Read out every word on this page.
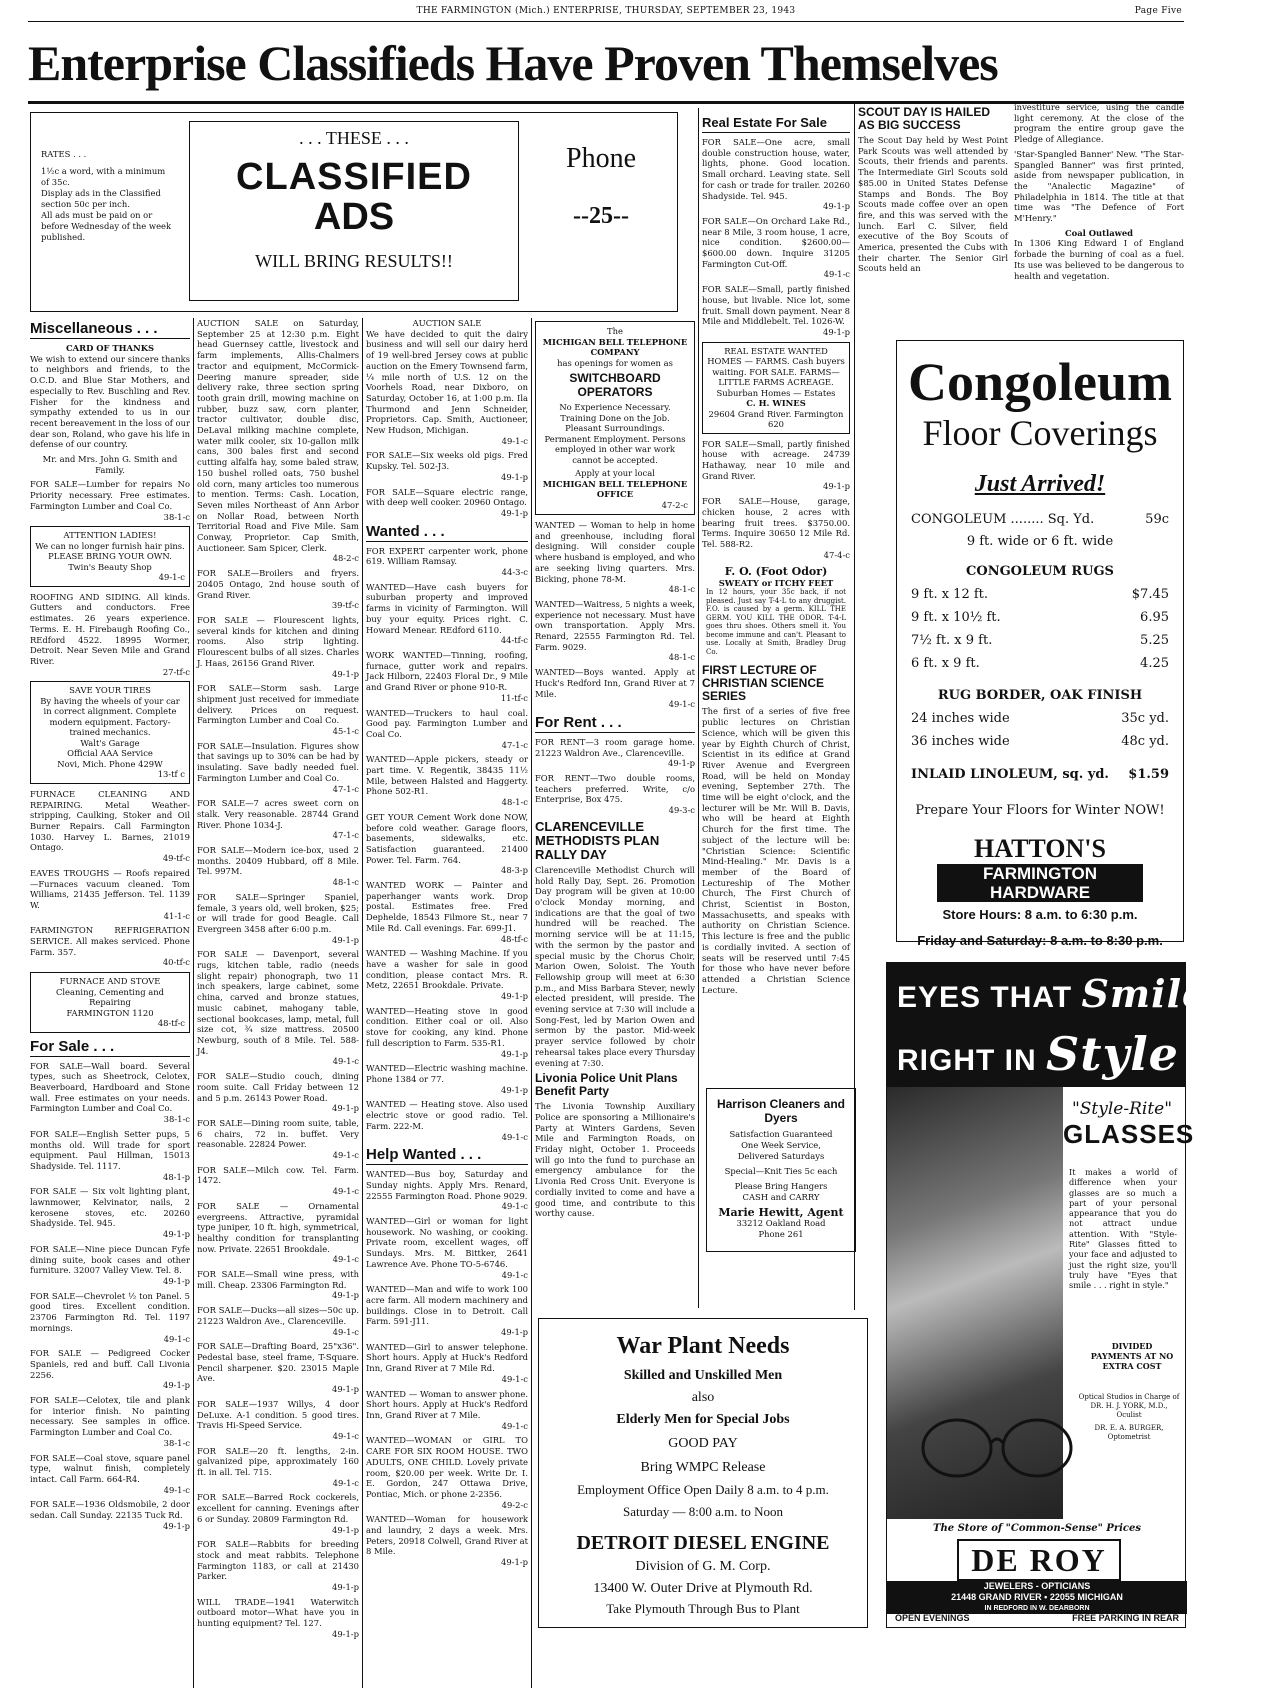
THE FARMINGTON (Mich.) ENTERPRISE, THURSDAY, SEPTEMBER 23, 1943	Page Five
Enterprise Classifieds Have Proven Themselves
RATES . . .
1½c a word, with a minimum of 35c.
Display ads in the Classified section 50c per inch.
All ads must be paid on or before Wednesday of the week published.
. . . THESE . . .
CLASSIFIED
ADS
WILL BRING RESULTS!!
Phone
--25--
Miscellaneous . . .
CARD OF THANKS

We wish to extend our sincere thanks to neighbors and friends, to the O.C.D. and Blue Star Mothers, and especially to Rev. Buschling and Rev. Fisher for the kindness and sympathy extended to us in our recent bereavement in the loss of our dear son, Roland, who gave his life in defense of our country.

Mr. and Mrs. John G. Smith and Family.

FOR SALE—Lumber for repairs No Priority necessary. Free estimates. Farmington Lumber and Coal Co.
38-1-c

ATTENTION LADIES!
We can no longer furnish hair pins. PLEASE BRING YOUR OWN.
Twin's Beauty Shop
49-1-c

ROOFING AND SIDING. All kinds. Gutters and conductors. Free estimates. 26 years experience. Terms. E. H. Firebaugh Roofing Co., REdford 4522. 18995 Wormer, Detroit. Near Seven Mile and Grand River.
27-tf-c

SAVE YOUR TIRES
By having the wheels of your car in correct alignment. Complete modern equipment. Factory-trained mechanics.
Walt's Garage
Official AAA Service
Novi, Mich. Phone 429W
13-tf c

FURNACE CLEANING AND REPAIRING. Metal Weather-stripping, Caulking, Stoker and Oil Burner Repairs. Call Farmington 1030. Harvey L. Barnes, 21019 Ontago.
49-tf-c

EAVES TROUGHS — Roofs repaired—Furnaces vacuum cleaned. Tom Williams, 21435 Jefferson. Tel. 1139 W.
41-1-c

FARMINGTON REFRIGERATION SERVICE. All makes serviced. Phone Farm. 357.
40-tf-c

FURNACE AND STOVE
Cleaning, Cementing and Repairing
FARMINGTON 1120
48-tf-c
For Sale . . .

FOR SALE—Wall board. Several types, such as Sheetrock, Celotex, Beaverboard, Hardboard and Stone wall. Free estimates on your needs. Farmington Lumber and Coal Co.
38-1-c

FOR SALE—English Setter pups, 5 months old. Will trade for sport equipment. Paul Hillman, 15013 Shadyside. Tel. 1117.
48-1-p

FOR SALE — Six volt lighting plant, lawnmower, Kelvinator, nails, 2 kerosene stoves, etc. 20260 Shadyside. Tel. 945.
49-1-p

FOR SALE—Nine piece Duncan Fyfe dining suite, book cases and other furniture. 32007 Valley View. Tel. 8.
49-1-p

FOR SALE—Chevrolet ½ ton Panel. 5 good tires. Excellent condition. 23706 Farmington Rd. Tel. 1197 mornings.
49-1-c

FOR SALE — Pedigreed Cocker Spaniels, red and buff. Call Livonia 2256.
49-1-p

FOR SALE—Celotex, tile and plank for interior finish. No painting necessary. See samples in office. Farmington Lumber and Coal Co.
38-1-c

FOR SALE—Coal stove, square panel type, walnut finish, completely intact. Call Farm. 664-R4.
49-1-c

FOR SALE—1936 Oldsmobile, 2 door sedan. Call Sunday. 22135 Tuck Rd.
49-1-p

AUCTION SALE on Saturday, September 25 at 12:30 p.m. Eight head Guernsey cattle, livestock and farm implements, Allis-Chalmers tractor and equipment, McCormick-Deering manure spreader, side delivery rake, three section spring tooth grain drill, mowing machine on rubber, buzz saw, corn planter, tractor cultivator, double disc, DeLaval milking machine complete, water milk cooler, six 10-gallon milk cans, 300 bales first and second cutting alfalfa hay, some baled straw, 150 bushel rolled oats, 750 bushel old corn, many articles too numerous to mention. Terms: Cash. Location, Seven miles Northeast of Ann Arbor on Nollar Road, between North Territorial Road and Five Mile. Sam Conway, Proprietor. Cap Smith, Auctioneer. Sam Spicer, Clerk.
48-2-c

FOR SALE—Broilers and fryers. 20405 Ontago, 2nd house south of Grand River.
39-tf-c

FOR SALE — Flourescent lights, several kinds for kitchen and dining rooms. Also strip lighting. Flourescent bulbs of all sizes. Charles J. Haas, 26156 Grand River.
49-1-p

FOR SALE—Storm sash. Large shipment just received for immediate delivery. Prices on request. Farmington Lumber and Coal Co.
45-1-c

FOR SALE—Insulation. Figures show that savings up to 30% can be had by insulating. Save badly needed fuel. Farmington Lumber and Coal Co.
47-1-c

FOR SALE—7 acres sweet corn on stalk. Very reasonable. 28744 Grand River. Phone 1034-J.
47-1-c

FOR SALE—Modern ice-box, used 2 months. 20409 Hubbard, off 8 Mile. Tel. 997M.
48-1-c

FOR SALE—Springer Spaniel, female, 3 years old, well broken, $25; or will trade for good Beagle. Call Evergreen 3458 after 6:00 p.m.
49-1-p

FOR SALE — Davenport, several rugs, kitchen table, radio (needs slight repair) phonograph, two 11 inch speakers, large cabinet, some china, carved and bronze statues, music cabinet, mahogany table, sectional bookcases, lamp, metal, full size cot, ¾ size mattress. 20500 Newburg, south of 8 Mile. Tel. 588-J4.
49-1-c

FOR SALE—Studio couch, dining room suite. Call Friday between 12 and 5 p.m. 26143 Power Road.
49-1-p

FOR SALE—Dining room suite, table, 6 chairs, 72 in. buffet. Very reasonable. 22824 Power.
49-1-c

FOR SALE—Milch cow. Tel. Farm. 1472.
49-1-c

FOR SALE — Ornamental evergreens. Attractive, pyramidal type juniper, 10 ft. high, symmetrical, healthy condition for transplanting now. Private. 22651 Brookdale.
49-1-c

FOR SALE—Small wine press, with mill. Cheap. 23306 Farmington Rd.
49-1-p

FOR SALE—Ducks—all sizes—50c up. 21223 Waldron Ave., Clarenceville.
49-1-c

FOR SALE—Drafting Board, 25"x36". Pedestal base, steel frame, T-Square. Pencil sharpener. $20. 23015 Maple Ave.
49-1-p

FOR SALE—1937 Willys, 4 door DeLuxe. A-1 condition. 5 good tires. Travis Hi-Speed Service.
49-1-c

FOR SALE—20 ft. lengths, 2-in. galvanized pipe, approximately 160 ft. in all. Tel. 715.
49-1-c

FOR SALE—Barred Rock cockerels, excellent for canning. Evenings after 6 or Sunday. 20809 Farmington Rd.
49-1-p

FOR SALE—Rabbits for breeding stock and meat rabbits. Telephone Farmington 1183, or call at 21430 Parker.
49-1-p

WILL TRADE—1941 Waterwitch outboard motor—What have you in hunting equipment? Tel. 127.
49-1-p

AUCTION SALE

We have decided to quit the dairy business and will sell our dairy herd of 19 well-bred Jersey cows at public auction on the Emery Townsend farm, ¼ mile north of U.S. 12 on the Voorhels Road, near Dixboro, on Saturday, October 16, at 1:00 p.m. Ila Thurmond and Jenn Schneider, Proprietors. Cap. Smith, Auctioneer, New Hudson, Michigan.
49-1-c

FOR SALE—Six weeks old pigs. Fred Kupsky. Tel. 502-J3.
49-1-p

FOR SALE—Square electric range, with deep well cooker. 20960 Ontago.
49-1-p

Wanted . . .

FOR EXPERT carpenter work, phone 619. William Ramsay.
44-3-c

WANTED—Have cash buyers for suburban property and improved farms in vicinity of Farmington. Will buy your equity. Prices right. C. Howard Menear. REdford 6110.
44-tf-c

WORK WANTED—Tinning, roofing, furnace, gutter work and repairs. Jack Hilborn, 22403 Floral Dr., 9 Mile and Grand River or phone 910-R.
11-tf-c

WANTED—Truckers to haul coal. Good pay. Farmington Lumber and Coal Co.
47-1-c

WANTED—Apple pickers, steady or part time. V. Regentik, 38435 11½ Mile, between Halsted and Haggerty. Phone 502-R1.
48-1-c

GET YOUR Cement Work done NOW, before cold weather. Garage floors, basements, sidewalks, etc. Satisfaction guaranteed. 21400 Power. Tel. Farm. 764.
48-3-p

WANTED WORK — Painter and paperhanger wants work. Drop postal. Estimates free. Fred Dephelde, 18543 Filmore St., near 7 Mile Rd. Call evenings. Far. 699-J1.
48-tf-c

WANTED — Washing Machine. If you have a washer for sale in good condition, please contact Mrs. R. Metz, 22651 Brookdale. Private.
49-1-p

WANTED—Heating stove in good condition. Either coal or oil. Also stove for cooking, any kind. Phone full description to Farm. 535-R1.
49-1-p

WANTED—Electric washing machine. Phone 1384 or 77.
49-1-p

WANTED — Heating stove. Also used electric stove or good radio. Tel. Farm. 222-M.
49-1-c

Help Wanted . . .

WANTED—Bus boy, Saturday and Sunday nights. Apply Mrs. Renard, 22555 Farmington Road. Phone 9029.
49-1-c

WANTED—Girl or woman for light housework. No washing, or cooking. Private room, excellent wages, off Sundays. Mrs. M. Bittker, 2641 Lawrence Ave. Phone TO-5-6746.
49-1-c

WANTED—Man and wife to work 100 acre farm. All modern machinery and buildings. Close in to Detroit. Call Farm. 591-J11.
49-1-p

WANTED—Girl to answer telephone. Short hours. Apply at Huck's Redford Inn, Grand River at 7 Mile Rd.
49-1-c

WANTED — Woman to answer phone. Short hours. Apply at Huck's Redford Inn, Grand River at 7 Mile.
49-1-c

WANTED—WOMAN or GIRL TO CARE FOR SIX ROOM HOUSE. TWO ADULTS, ONE CHILD. Lovely private room, $20.00 per week. Write Dr. I. E. Gordon, 247 Ottawa Drive, Pontiac, Mich. or phone 2-2356.
49-2-c

WANTED—Woman for housework and laundry, 2 days a week. Mrs. Peters, 20918 Colwell, Grand River at 8 Mile.
49-1-p

The
MICHIGAN BELL TELEPHONE COMPANY
has openings for women as
SWITCHBOARD OPERATORS
No Experience Necessary. Training Done on the Job. Pleasant Surroundings. Permanent Employment. Persons employed in other war work cannot be accepted.
Apply at your local
MICHIGAN BELL TELEPHONE OFFICE
47-2-c

WANTED — Woman to help in home and greenhouse, including floral designing. Will consider couple where husband is employed, and who are seeking living quarters. Mrs. Bicking, phone 78-M.
48-1-c

WANTED—Waitress, 5 nights a week, experience not necessary. Must have own transportation. Apply Mrs. Renard, 22555 Farmington Rd. Tel. Farm. 9029.
48-1-c

WANTED—Boys wanted. Apply at Huck's Redford Inn, Grand River at 7 Mile.
49-1-c

For Rent . . .

FOR RENT—3 room garage home. 21223 Waldron Ave., Clarenceville.
49-1-p

FOR RENT—Two double rooms, teachers preferred. Write, c/o Enterprise, Box 475.
49-3-c

CLARENCEVILLE METHODISTS PLAN RALLY DAY

Clarenceville Methodist Church will hold Rally Day, Sept. 26. Promotion Day program will be given at 10:00 o'clock Monday morning, and indications are that the goal of two hundred will be reached. The morning service will be at 11:15, with the sermon by the pastor and special music by the Chorus Choir, Marion Owen, Soloist. The Youth Fellowship group will meet at 6:30 p.m., and Miss Barbara Stever, newly elected president, will preside. The evening service at 7:30 will include a Song-Fest, led by Marion Owen and sermon by the pastor. Mid-week prayer service followed by choir rehearsal takes place every Thursday evening at 7:30.

Livonia Police Unit Plans Benefit Party

The Livonia Township Auxiliary Police are sponsoring a Millionaire's Party at Winters Gardens, Seven Mile and Farmington Roads, on Friday night, October 1. Proceeds will go into the fund to purchase an emergency ambulance for the Livonia Red Cross Unit. Everyone is cordially invited to come and have a good time, and contribute to this worthy cause.

Real Estate For Sale

FOR SALE—One acre, small double construction house, water, lights, phone. Good location. Small orchard. Leaving state. Sell for cash or trade for trailer. 20260 Shadyside. Tel. 945.
49-1-p

FOR SALE—On Orchard Lake Rd., near 8 Mile, 3 room house, 1 acre, nice condition. $2600.00—$600.00 down. Inquire 31205 Farmington Cut-Off.
49-1-c

FOR SALE—Small, partly finished house, but livable. Nice lot, some fruit. Small down payment. Near 8 Mile and Middlebelt. Tel. 1026-W.
49-1-p

REAL ESTATE WANTED
HOMES — FARMS. Cash buyers waiting. FOR SALE. FARMS—LITTLE FARMS ACREAGE. Suburban Homes — Estates
C. H. WINES
29604 Grand River. Farmington 620

FOR SALE—Small, partly finished house with acreage. 24739 Hathaway, near 10 mile and Grand River.
49-1-p

FOR SALE—House, garage, chicken house, 2 acres with bearing fruit trees. $3750.00. Terms. Inquire 30650 12 Mile Rd. Tel. 588-R2.
47-4-c

F. O. (Foot Odor)
SWEATY or ITCHY FEET
In 12 hours, your 35c back, if not pleased. Just say T-4-L to any druggist. F.O. is caused by a germ. KILL THE GERM. YOU KILL THE ODOR. T-4-L goes thru shoes. Others smell it. You become immune and can't. Pleasant to use. Locally at Smith, Bradley Drug Co.
FIRST LECTURE OF CHRISTIAN SCIENCE SERIES

The first of a series of five free public lectures on Christian Science, which will be given this year by Eighth Church of Christ, Scientist in its edifice at Grand River Avenue and Evergreen Road, will be held on Monday evening, September 27th. The time will be eight o'clock, and the lecturer will be Mr. Will B. Davis, who will be heard at Eighth Church for the first time. The subject of the lecture will be: "Christian Science: Scientific Mind-Healing." Mr. Davis is a member of the Board of Lectureship of The Mother Church, The First Church of Christ, Scientist in Boston, Massachusetts, and speaks with authority on Christian Science. This lecture is free and the public is cordially invited. A section of seats will be reserved until 7:45 for those who have never before attended a Christian Science Lecture.

SCOUT DAY IS HAILED AS BIG SUCCESS

The Scout Day held by West Point Park Scouts was well attended by Scouts, their friends and parents. The Intermediate Girl Scouts sold $85.00 in United States Defense Stamps and Bonds. The Boy Scouts made coffee over an open fire, and this was served with the lunch. Earl C. Silver, field executive of the Boy Scouts of America, presented the Cubs with their charter. The Senior Girl Scouts held an

investiture service, using the candle light ceremony. At the close of the program the entire group gave the Pledge of Allegiance.

'Star-Spangled Banner' New. "The Star-Spangled Banner" was first printed, aside from newspaper publication, in the "Analectic Magazine" of Philadelphia in 1814. The title at that time was "The Defence of Fort M'Henry."

Coal Outlawed

In 1306 King Edward I of England forbade the burning of coal as a fuel. Its use was believed to be dangerous to health and vegetation.

Congoleum
Floor Coverings
Just Arrived!
CONGOLEUM ........ Sq. Yd.	59c
9 ft. wide or 6 ft. wide
CONGOLEUM RUGS
9 ft. x 12 ft.	$7.45
9 ft. x 10½ ft.	6.95
7½ ft. x 9 ft.	5.25
6 ft. x 9 ft.	4.25
RUG BORDER, OAK FINISH
24 inches wide	35c yd.
36 inches wide	48c yd.
INLAID LINOLEUM, sq. yd. $1.59
Prepare Your Floors for Winter NOW!
HATTON'S
FARMINGTON HARDWARE
Store Hours: 8 a.m. to 6:30 p.m.
Friday and Saturday: 8 a.m. to 8:30 p.m.
EYES THAT Smile ARE
RIGHT IN Style
"Style-Rite"
GLASSES
It makes a world of difference when your glasses are so much a part of your personal appearance that you do not attract undue attention. With "Style-Rite" Glasses fitted to your face and adjusted to just the right size, you'll truly have "Eyes that smile . . . right in style."
DIVIDED PAYMENTS AT NO EXTRA COST
Optical Studios in Charge of DR. H. J. YORK, M.D., Oculist
DR. E. A. BURGER, Optometrist
The Store of "Common-Sense" Prices
DE ROY
JEWELERS - OPTICIANS
21448 GRAND RIVER • 22055 MICHIGAN
IN REDFORD IN W. DEARBORN
OPEN EVENINGS	FREE PARKING IN REAR
Harrison Cleaners and Dyers
Satisfaction Guaranteed
One Week Service,
Delivered Saturdays
Special—Knit Ties 5c each
Please Bring Hangers
CASH and CARRY
Marie Hewitt, Agent
33212 Oakland Road
Phone 261
War Plant Needs
Skilled and Unskilled Men
also
Elderly Men for Special Jobs
GOOD PAY
Bring WMPC Release
Employment Office Open Daily 8 a.m. to 4 p.m.
Saturday — 8:00 a.m. to Noon
DETROIT DIESEL ENGINE
Division of G. M. Corp.
13400 W. Outer Drive at Plymouth Rd.
Take Plymouth Through Bus to Plant
